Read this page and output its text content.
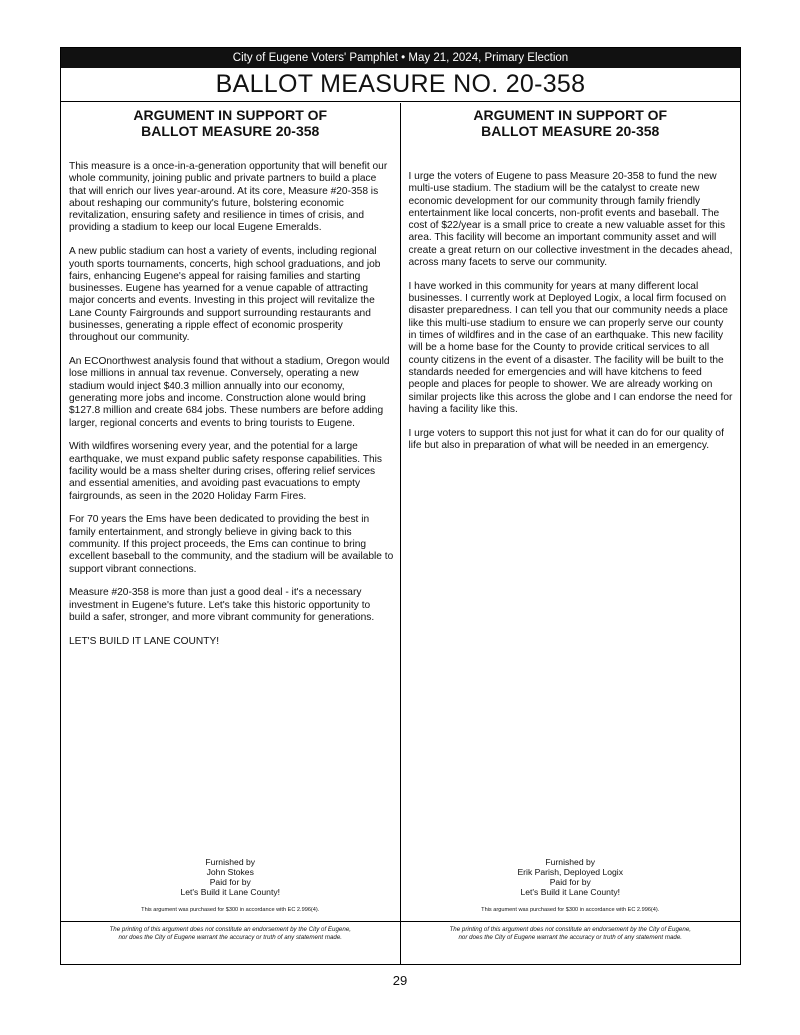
City of Eugene Voters' Pamphlet • May 21, 2024, Primary Election
BALLOT MEASURE NO. 20-358
ARGUMENT IN SUPPORT OF
BALLOT MEASURE 20-358

This measure is a once-in-a-generation opportunity that will benefit our whole community, joining public and private partners to build a place that will enrich our lives year-around. At its core, Measure #20-358 is about reshaping our community's future, bolstering economic revitalization, ensuring safety and resilience in times of crisis, and providing a stadium to keep our local Eugene Emeralds.

A new public stadium can host a variety of events, including regional youth sports tournaments, concerts, high school graduations, and job fairs, enhancing Eugene's appeal for raising families and starting businesses. Eugene has yearned for a venue capable of attracting major concerts and events. Investing in this project will revitalize the Lane County Fairgrounds and support surrounding restaurants and businesses, generating a ripple effect of economic prosperity throughout our community.

An ECOnorthwest analysis found that without a stadium, Oregon would lose millions in annual tax revenue. Conversely, operating a new stadium would inject $40.3 million annually into our economy, generating more jobs and income. Construction alone would bring $127.8 million and create 684 jobs. These numbers are before adding larger, regional concerts and events to bring tourists to Eugene.

With wildfires worsening every year, and the potential for a large earthquake, we must expand public safety response capabilities. This facility would be a mass shelter during crises, offering relief services and essential amenities, and avoiding past evacuations to empty fairgrounds, as seen in the 2020 Holiday Farm Fires.

For 70 years the Ems have been dedicated to providing the best in family entertainment, and strongly believe in giving back to this community. If this project proceeds, the Ems can continue to bring excellent baseball to the community, and the stadium will be available to support vibrant connections.

Measure #20-358 is more than just a good deal - it's a necessary investment in Eugene's future. Let's take this historic opportunity to build a safer, stronger, and more vibrant community for generations.

LET'S BUILD IT LANE COUNTY!

Furnished by
John Stokes
Paid for by
Let's Build it Lane County!
This argument was purchased for $300 in accordance with EC 2.996(4).
The printing of this argument does not constitute an endorsement by the City of Eugene,
nor does the City of Eugene warrant the accuracy or truth of any statement made.
ARGUMENT IN SUPPORT OF
BALLOT MEASURE 20-358

I urge the voters of Eugene to pass Measure 20-358 to fund the new multi-use stadium. The stadium will be the catalyst to create new economic development for our community through family friendly entertainment like local concerts, non-profit events and baseball. The cost of $22/year is a small price to create a new valuable asset for this area. This facility will become an important community asset and will create a great return on our collective investment in the decades ahead, across many facets to serve our community.

I have worked in this community for years at many different local businesses. I currently work at Deployed Logix, a local firm focused on disaster preparedness. I can tell you that our community needs a place like this multi-use stadium to ensure we can properly serve our county in times of wildfires and in the case of an earthquake. This new facility will be a home base for the County to provide critical services to all county citizens in the event of a disaster. The facility will be built to the standards needed for emergencies and will have kitchens to feed people and places for people to shower. We are already working on similar projects like this across the globe and I can endorse the need for having a facility like this.

I urge voters to support this not just for what it can do for our quality of life but also in preparation of what will be needed in an emergency.

Furnished by
Erik Parish, Deployed Logix
Paid for by
Let's Build it Lane County!
This argument was purchased for $300 in accordance with EC 2.996(4).
The printing of this argument does not constitute an endorsement by the City of Eugene,
nor does the City of Eugene warrant the accuracy or truth of any statement made.
29
